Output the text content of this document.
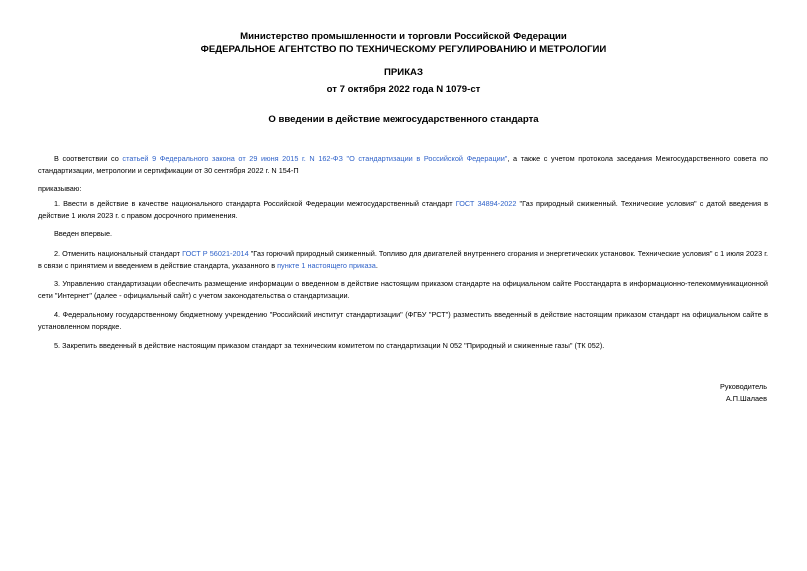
Министерство промышленности и торговли Российской Федерации
ФЕДЕРАЛЬНОЕ АГЕНТСТВО ПО ТЕХНИЧЕСКОМУ РЕГУЛИРОВАНИЮ И МЕТРОЛОГИИ
ПРИКАЗ
от 7 октября 2022 года N 1079-ст
О введении в действие межгосударственного стандарта

В соответствии со статьей 9 Федерального закона от 29 июня 2015 г. N 162-ФЗ "О стандартизации в Российской Федерации", а также с учетом протокола заседания Межгосударственного совета по стандартизации, метрологии и сертификации от 30 сентября 2022 г. N 154-П

приказываю:

1. Ввести в действие в качестве национального стандарта Российской Федерации межгосударственный стандарт ГОСТ 34894-2022 "Газ природный сжиженный. Технические условия" с датой введения в действие 1 июля 2023 г. с правом досрочного применения.

Введен впервые.

2. Отменить национальный стандарт ГОСТ Р 56021-2014 "Газ горючий природный сжиженный. Топливо для двигателей внутреннего сгорания и энергетических установок. Технические условия" с 1 июля 2023 г. в связи с принятием и введением в действие стандарта, указанного в пункте 1 настоящего приказа.

3. Управлению стандартизации обеспечить размещение информации о введенном в действие настоящим приказом стандарте на официальном сайте Росстандарта в информационно-телекоммуникационной сети "Интернет" (далее - официальный сайт) с учетом законодательства о стандартизации.

4. Федеральному государственному бюджетному учреждению "Российский институт стандартизации" (ФГБУ "РСТ") разместить введенный в действие настоящим приказом стандарт на официальном сайте в установленном порядке.

5. Закрепить введенный в действие настоящим приказом стандарт за техническим комитетом по стандартизации N 052 "Природный и сжиженные газы" (ТК 052).

Руководитель
А.П.Шалаев
